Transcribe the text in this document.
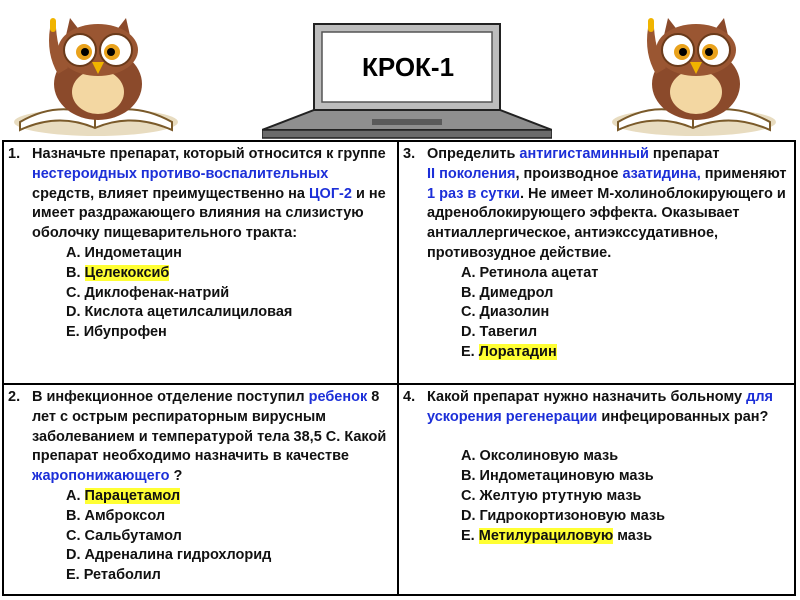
КРОК-1
1. Назначьте препарат, который относится к группе нестероидных противо-воспалительных средств, влияет преимущественно на ЦОГ-2 и не имеет раздражающего влияния на слизистую оболочку пищеварительного тракта:
A. Индометацин
B. Целекоксиб
C. Диклофенак-натрий
D. Кислота ацетилсалициловая
E. Ибупрофен
3. Определить антигистаминный препарат
II поколения, производное азатидина, применяют 1 раз в сутки. Не имеет М-холиноблокирующего и адреноблокирующего эффекта. Оказывает антиаллергическое, антиэкссудативное, противозудное действие.
A. Ретинола ацетат
B. Димедрол
C. Диазолин
D. Тавегил
E. Лоратадин
2. В инфекционное отделение поступил ребенок 8 лет с острым респираторным вирусным заболеванием и температурой тела 38,5 С. Какой препарат необходимо назначить в качестве жаропонижающего ?
A. Парацетамол
B. Амброксол
C. Сальбутамол
D. Адреналина гидрохлорид
E. Ретаболил
4. Какой препарат нужно назначить больному для ускорения регенерации инфецированных ран?
A. Оксолиновую мазь
B. Индометациновую мазь
C. Желтую ртутную мазь
D. Гидрокортизоновую мазь
E. Метилурациловую мазь
